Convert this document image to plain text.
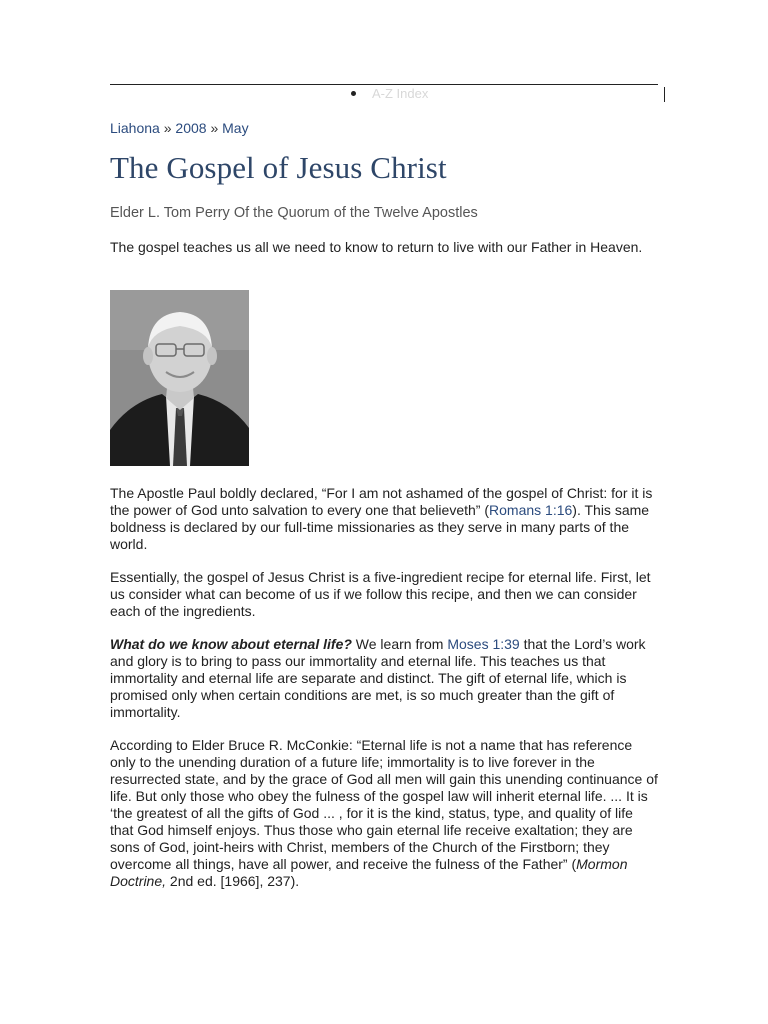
A-Z Index
Liahona » 2008 » May
The Gospel of Jesus Christ
Elder L. Tom Perry Of the Quorum of the Twelve Apostles
The gospel teaches us all we need to know to return to live with our Father in Heaven.

The Apostle Paul boldly declared, “For I am not ashamed of the gospel of Christ: for it is the power of God unto salvation to every one that believeth” (Romans 1:16). This same boldness is declared by our full-time missionaries as they serve in many parts of the world.

Essentially, the gospel of Jesus Christ is a five-ingredient recipe for eternal life. First, let us consider what can become of us if we follow this recipe, and then we can consider each of the ingredients.

What do we know about eternal life? We learn from Moses 1:39 that the Lord’s work and glory is to bring to pass our immortality and eternal life. This teaches us that immortality and eternal life are separate and distinct. The gift of eternal life, which is promised only when certain conditions are met, is so much greater than the gift of immortality.

According to Elder Bruce R. McConkie: “Eternal life is not a name that has reference only to the unending duration of a future life; immortality is to live forever in the resurrected state, and by the grace of God all men will gain this unending continuance of life. But only those who obey the fulness of the gospel law will inherit eternal life. ... It is ‘the greatest of all the gifts of God ... , for it is the kind, status, type, and quality of life that God himself enjoys. Thus those who gain eternal life receive exaltation; they are sons of God, joint-heirs with Christ, members of the Church of the Firstborn; they overcome all things, have all power, and receive the fulness of the Father” (Mormon Doctrine, 2nd ed. [1966], 237).
